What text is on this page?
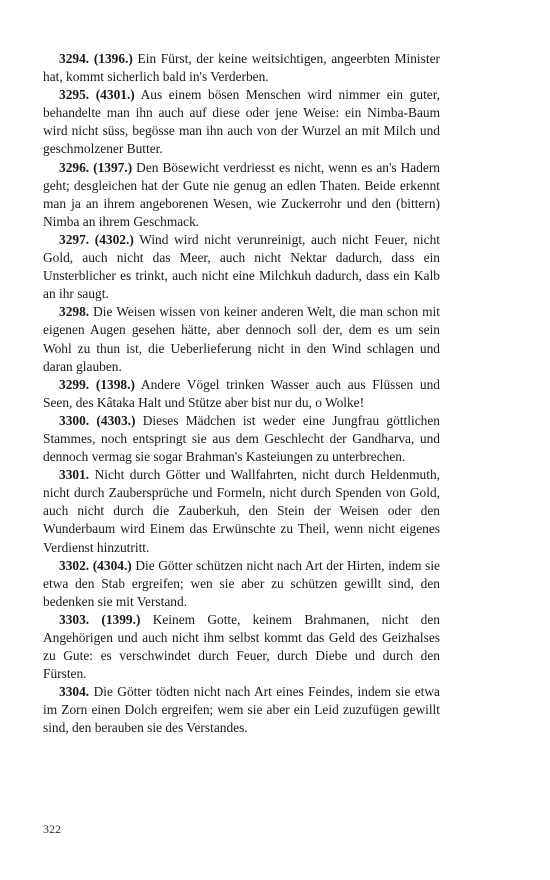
3294. (1396.) Ein Fürst, der keine weitsichtigen, angeerbten Minister hat, kommt sicherlich bald in's Verderben.

3295. (4301.) Aus einem bösen Menschen wird nimmer ein guter, behandelte man ihn auch auf diese oder jene Weise: ein Nimba-Baum wird nicht süss, begösse man ihn auch von der Wurzel an mit Milch und geschmolzener Butter.

3296. (1397.) Den Bösewicht verdriesst es nicht, wenn es an's Hadern geht; desgleichen hat der Gute nie genug an edlen Thaten. Beide erkennt man ja an ihrem angeborenen Wesen, wie Zuckerrohr und den (bittern) Nimba an ihrem Geschmack.

3297. (4302.) Wind wird nicht verunreinigt, auch nicht Feuer, nicht Gold, auch nicht das Meer, auch nicht Nektar dadurch, dass ein Unsterblicher es trinkt, auch nicht eine Milchkuh dadurch, dass ein Kalb an ihr saugt.

3298. Die Weisen wissen von keiner anderen Welt, die man schon mit eigenen Augen gesehen hätte, aber dennoch soll der, dem es um sein Wohl zu thun ist, die Ueberlieferung nicht in den Wind schlagen und daran glauben.

3299. (1398.) Andere Vögel trinken Wasser auch aus Flüssen und Seen, des Kâtaka Halt und Stütze aber bist nur du, o Wolke!

3300. (4303.) Dieses Mädchen ist weder eine Jungfrau göttlichen Stammes, noch entspringt sie aus dem Geschlecht der Gandharva, und dennoch vermag sie sogar Brahman's Kasteiungen zu unterbrechen.

3301. Nicht durch Götter und Wallfahrten, nicht durch Heldenmuth, nicht durch Zaubersprüche und Formeln, nicht durch Spenden von Gold, auch nicht durch die Zauberkuh, den Stein der Weisen oder den Wunderbaum wird Einem das Erwünschte zu Theil, wenn nicht eigenes Verdienst hinzutritt.

3302. (4304.) Die Götter schützen nicht nach Art der Hirten, indem sie etwa den Stab ergreifen; wen sie aber zu schützen gewillt sind, den bedenken sie mit Verstand.

3303. (1399.) Keinem Gotte, keinem Brahmanen, nicht den Angehörigen und auch nicht ihm selbst kommt das Geld des Geizhalses zu Gute: es verschwindet durch Feuer, durch Diebe und durch den Fürsten.

3304. Die Götter tödten nicht nach Art eines Feindes, indem sie etwa im Zorn einen Dolch ergreifen; wem sie aber ein Leid zuzufügen gewillt sind, den berauben sie des Verstandes.

322
